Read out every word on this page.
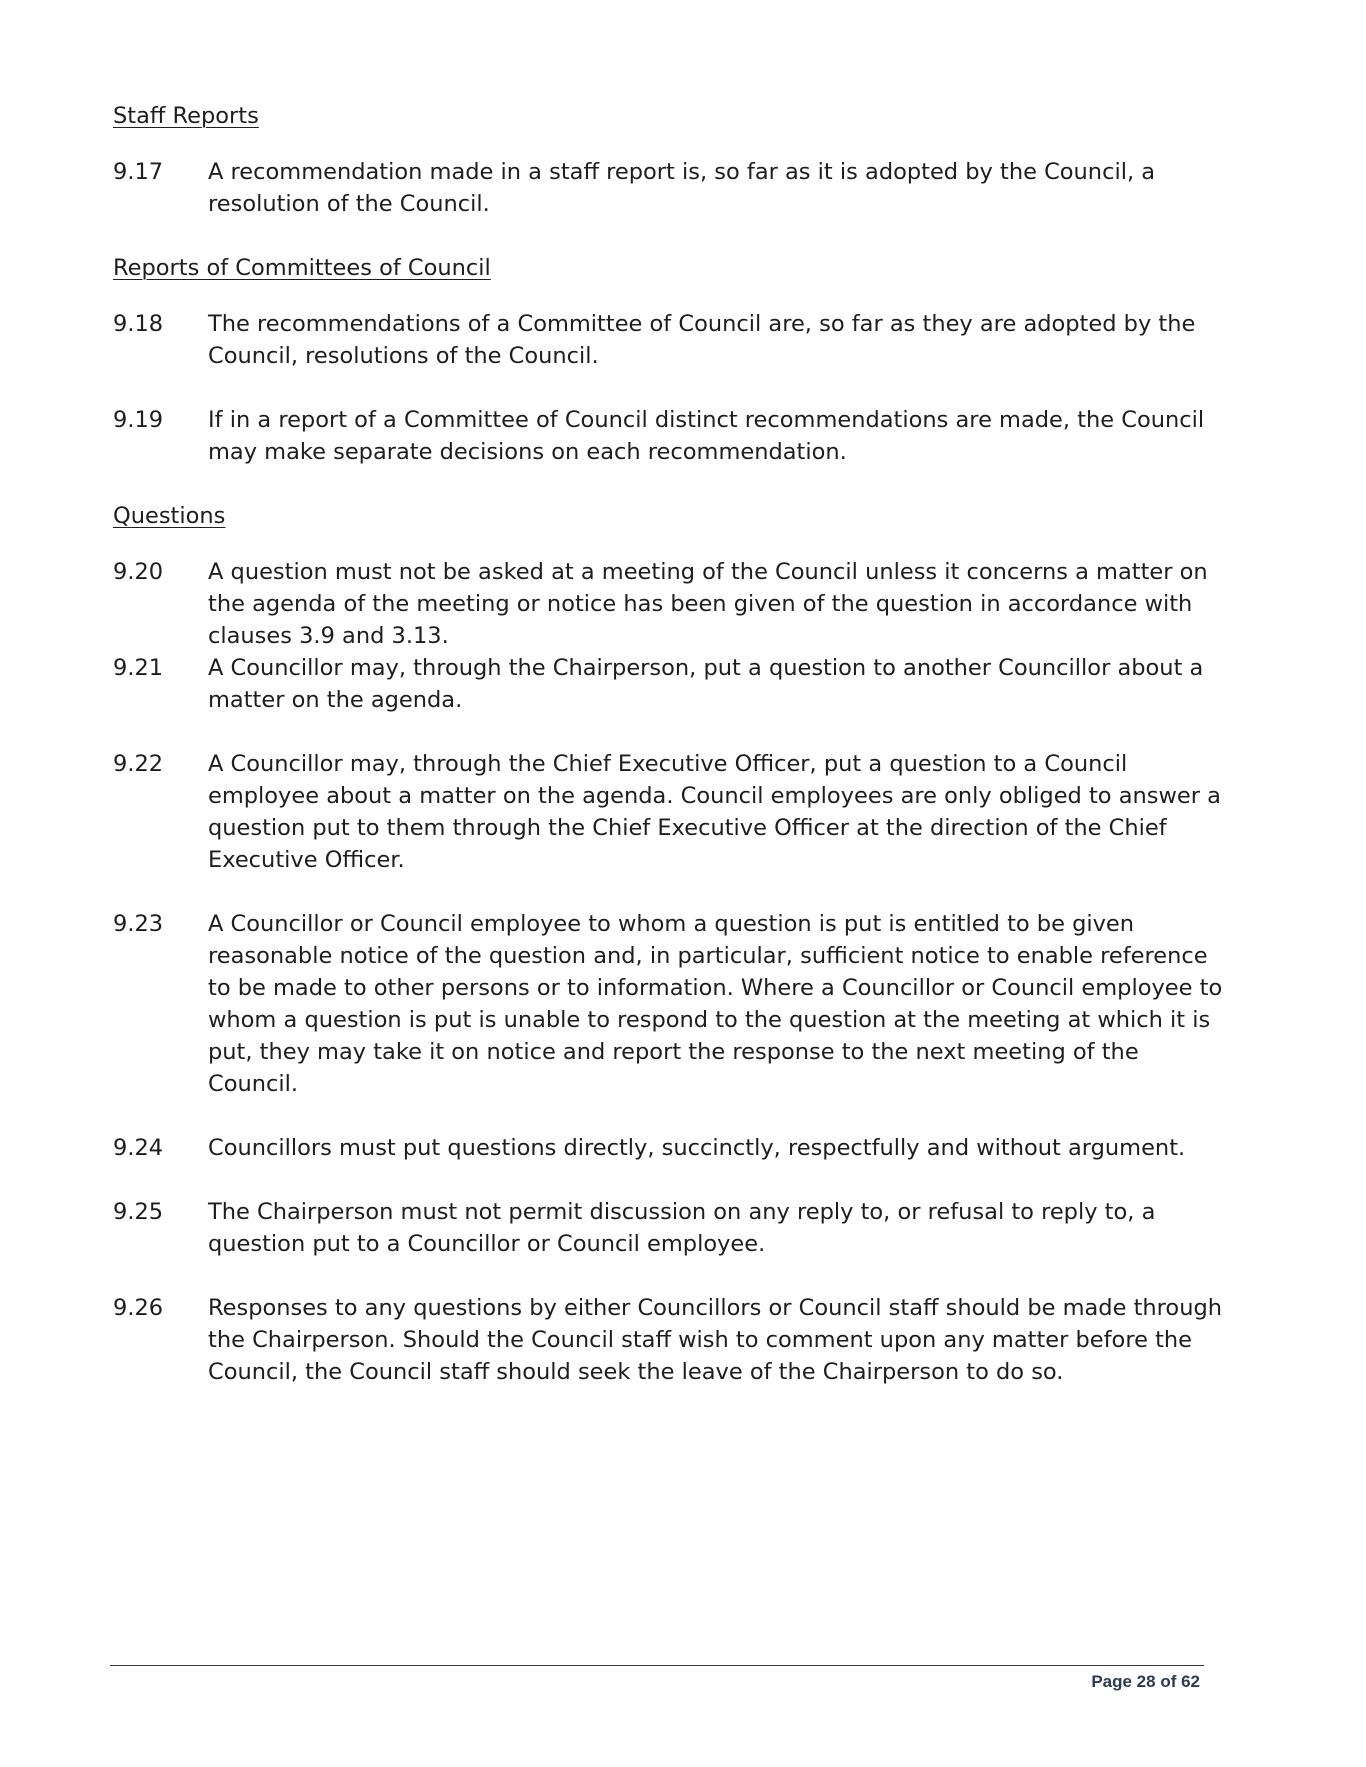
Staff Reports
9.17	A recommendation made in a staff report is, so far as it is adopted by the Council, a resolution of the Council.
Reports of Committees of Council
9.18	The recommendations of a Committee of Council are, so far as they are adopted by the Council, resolutions of the Council.
9.19	If in a report of a Committee of Council distinct recommendations are made, the Council may make separate decisions on each recommendation.
Questions
9.20	A question must not be asked at a meeting of the Council unless it concerns a matter on the agenda of the meeting or notice has been given of the question in accordance with clauses 3.9 and 3.13.
9.21	A Councillor may, through the Chairperson, put a question to another Councillor about a matter on the agenda.
9.22	A Councillor may, through the Chief Executive Officer, put a question to a Council employee about a matter on the agenda. Council employees are only obliged to answer a question put to them through the Chief Executive Officer at the direction of the Chief Executive Officer.
9.23	A Councillor or Council employee to whom a question is put is entitled to be given reasonable notice of the question and, in particular, sufficient notice to enable reference to be made to other persons or to information. Where a Councillor or Council employee to whom a question is put is unable to respond to the question at the meeting at which it is put, they may take it on notice and report the response to the next meeting of the Council.
9.24	Councillors must put questions directly, succinctly, respectfully and without argument.
9.25	The Chairperson must not permit discussion on any reply to, or refusal to reply to, a question put to a Councillor or Council employee.
9.26	Responses to any questions by either Councillors or Council staff should be made through the Chairperson. Should the Council staff wish to comment upon any matter before the Council, the Council staff should seek the leave of the Chairperson to do so.
Page 28 of 62
